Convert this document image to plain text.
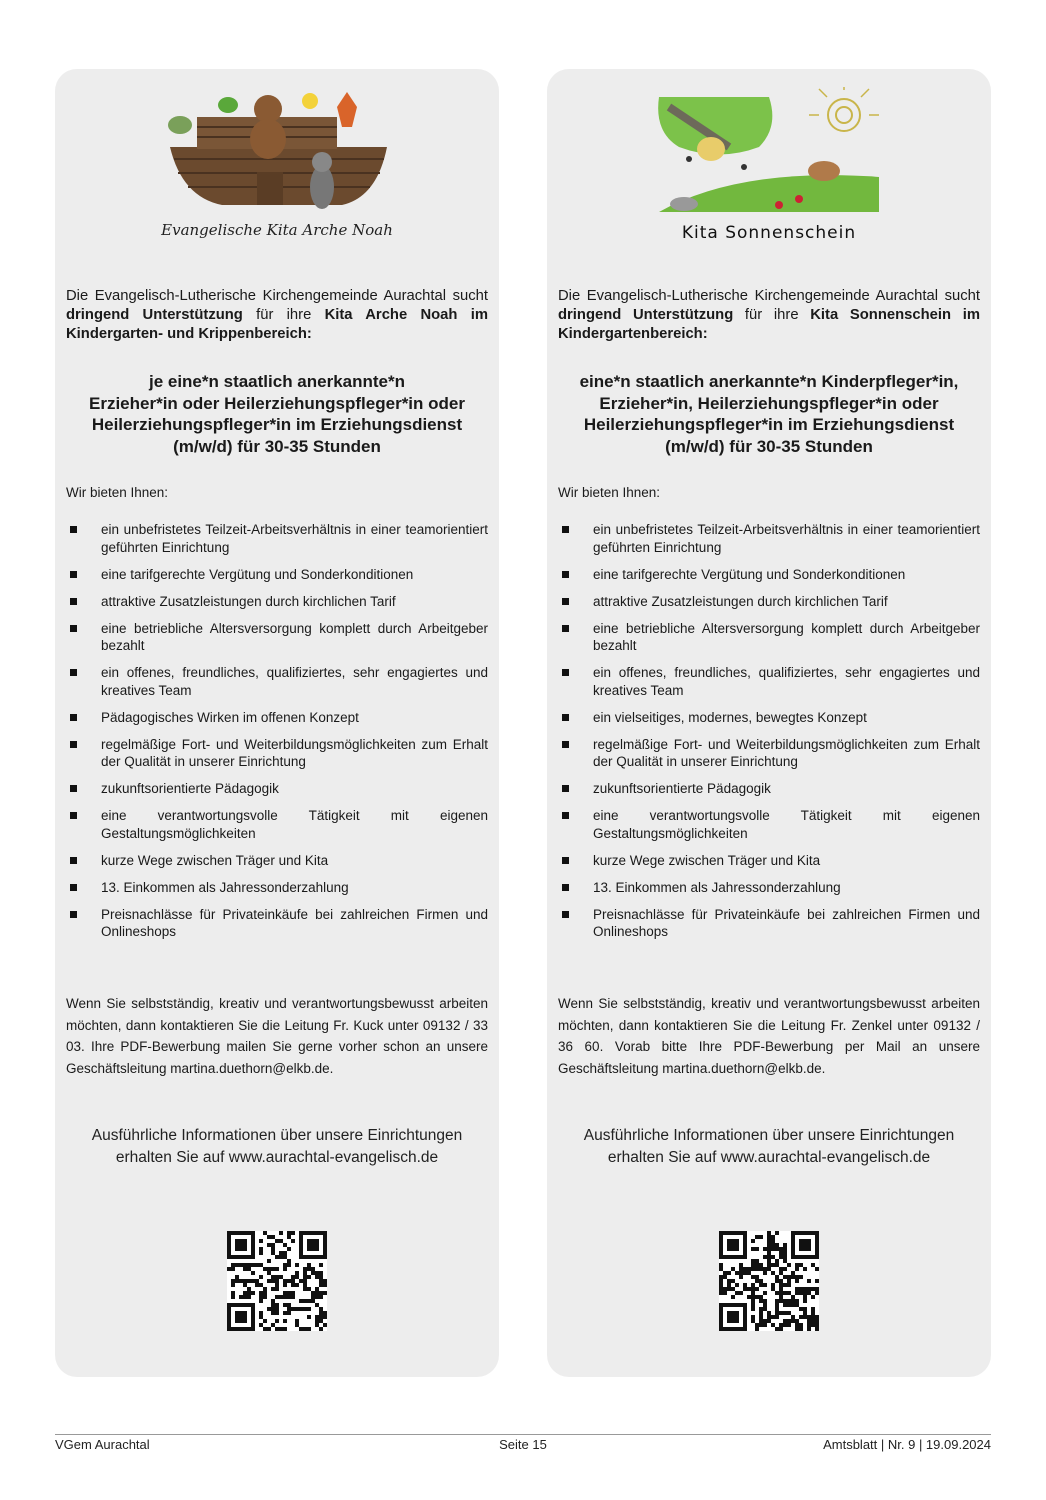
Evangelische Kita Arche Noah
Die Evangelisch-Lutherische Kirchengemeinde Aurachtal sucht dringend Unterstützung für ihre Kita Arche Noah im Kindergarten- und Krippenbereich:
je eine*n staatlich anerkannte*n
Erzieher*in oder Heilerziehungspfleger*in oder
Heilerziehungspfleger*in im Erziehungsdienst
(m/w/d) für 30-35 Stunden
Wir bieten Ihnen:
ein unbefristetes Teilzeit-Arbeitsverhältnis in einer teamorientiert geführten Einrichtung
eine tarifgerechte Vergütung und Sonderkonditionen
attraktive Zusatzleistungen durch kirchlichen Tarif
eine betriebliche Altersversorgung komplett durch Arbeitgeber bezahlt
ein offenes, freundliches, qualifiziertes, sehr engagiertes und kreatives Team
Pädagogisches Wirken im offenen Konzept
regelmäßige Fort- und Weiterbildungsmöglichkeiten zum Erhalt der Qualität in unserer Einrichtung
zukunftsorientierte Pädagogik
eine verantwortungsvolle Tätigkeit mit eigenen Gestaltungsmöglichkeiten
kurze Wege zwischen Träger und Kita
13. Einkommen als Jahressonderzahlung
Preisnachlässe für Privateinkäufe bei zahlreichen Firmen und Onlineshops
Wenn Sie selbstständig, kreativ und verantwortungsbewusst arbeiten möchten, dann kontaktieren Sie die Leitung Fr. Kuck unter 09132 / 33 03. Ihre PDF-Bewerbung mailen Sie gerne vorher schon an unsere Geschäftsleitung martina.duethorn@elkb.de.
Ausführliche Informationen über unsere Einrichtungen
erhalten Sie auf www.aurachtal-evangelisch.de
Kita Sonnenschein
Die Evangelisch-Lutherische Kirchengemeinde Aurachtal sucht dringend Unterstützung für ihre Kita Sonnenschein im Kindergartenbereich:
eine*n staatlich anerkannte*n Kinderpfleger*in,
Erzieher*in, Heilerziehungspfleger*in oder
Heilerziehungspfleger*in im Erziehungsdienst
(m/w/d) für 30-35 Stunden
Wir bieten Ihnen:
ein unbefristetes Teilzeit-Arbeitsverhältnis in einer teamorientiert geführten Einrichtung
eine tarifgerechte Vergütung und Sonderkonditionen
attraktive Zusatzleistungen durch kirchlichen Tarif
eine betriebliche Altersversorgung komplett durch Arbeitgeber bezahlt
ein offenes, freundliches, qualifiziertes, sehr engagiertes und kreatives Team
ein vielseitiges, modernes, bewegtes Konzept
regelmäßige Fort- und Weiterbildungsmöglichkeiten zum Erhalt der Qualität in unserer Einrichtung
zukunftsorientierte Pädagogik
eine verantwortungsvolle Tätigkeit mit eigenen Gestaltungsmöglichkeiten
kurze Wege zwischen Träger und Kita
13. Einkommen als Jahressonderzahlung
Preisnachlässe für Privateinkäufe bei zahlreichen Firmen und Onlineshops
Wenn Sie selbstständig, kreativ und verantwortungsbewusst arbeiten möchten, dann kontaktieren Sie die Leitung Fr. Zenkel unter 09132 / 36 60. Vorab bitte Ihre PDF-Bewerbung per Mail an unsere Geschäftsleitung martina.duethorn@elkb.de.
Ausführliche Informationen über unsere Einrichtungen
erhalten Sie auf www.aurachtal-evangelisch.de
VGem Aurachtal	Seite 15	Amtsblatt | Nr. 9 | 19.09.2024
